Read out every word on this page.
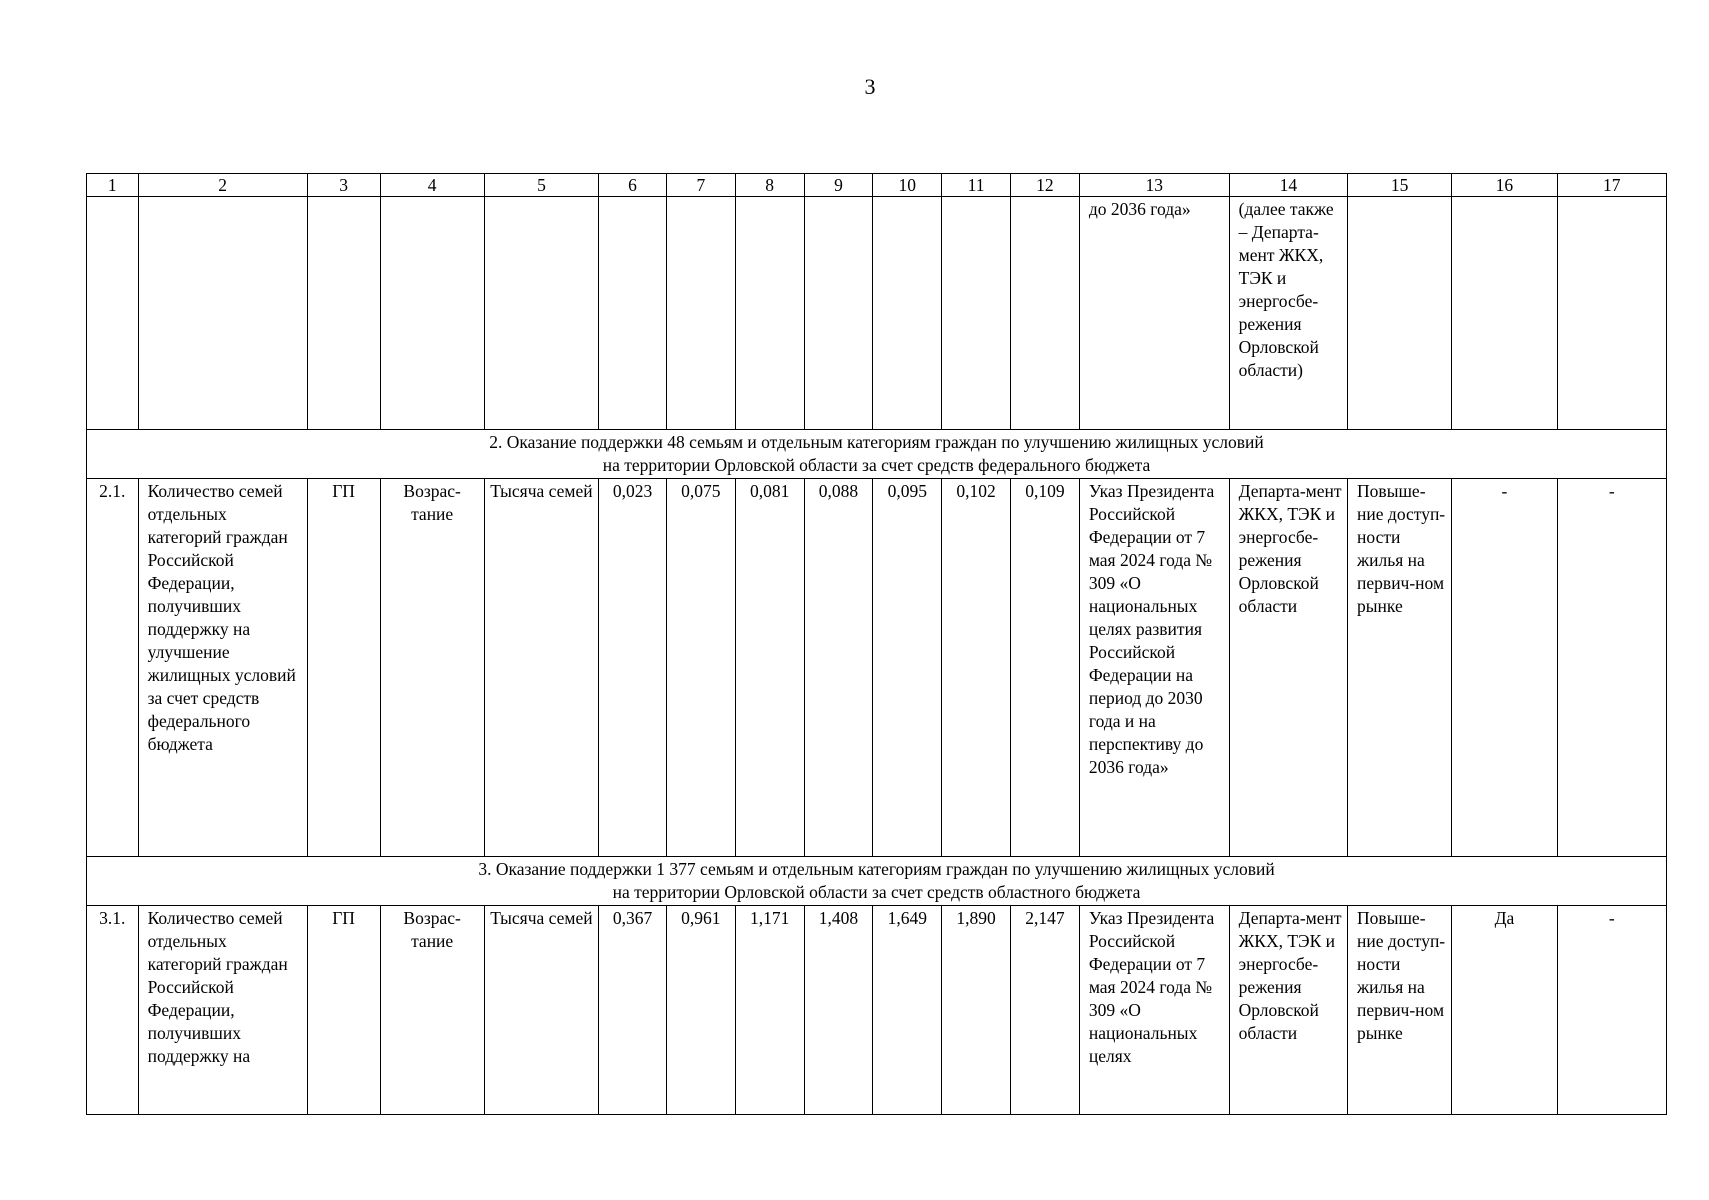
3
1	2	3	4	5	6	7	8	9	10	11	12	13	14	15	16	17
												до 2036 года»	(далее также – Департа-мент ЖКХ, ТЭК и энергосбе-режения Орловской области)			

2. Оказание поддержки 48 семьям и отдельным категориям граждан по улучшению жилищных условий
на территории Орловской области за счет средств федерального бюджета																

2.1.	Количество семей отдельных категорий граждан Российской Федерации, получивших поддержку на улучшение жилищных условий за счет средств федерального бюджета	ГП	Возрас-тание	Тысяча семей	0,023	0,075	0,081	0,088	0,095	0,102	0,109	Указ Президента Российской Федерации от 7 мая 2024 года № 309 «О национальных целях развития Российской Федерации на период до 2030 года и на перспективу до 2036 года»	Департа-мент ЖКХ, ТЭК и энергосбе-режения Орловской области	Повыше-ние доступ-ности жилья на первич-ном рынке	-	-

3. Оказание поддержки 1 377 семьям и отдельным категориям граждан по улучшению жилищных условий
на территории Орловской области за счет средств областного бюджета																

3.1.	Количество семей отдельных категорий граждан Российской Федерации, получивших поддержку на	ГП	Возрас-тание	Тысяча семей	0,367	0,961	1,171	1,408	1,649	1,890	2,147	Указ Президента Российской Федерации от 7 мая 2024 года № 309 «О национальных целях	Департа-мент ЖКХ, ТЭК и энергосбе-режения Орловской области	Повыше-ние доступ-ности жилья на первич-ном рынке	Да	-
